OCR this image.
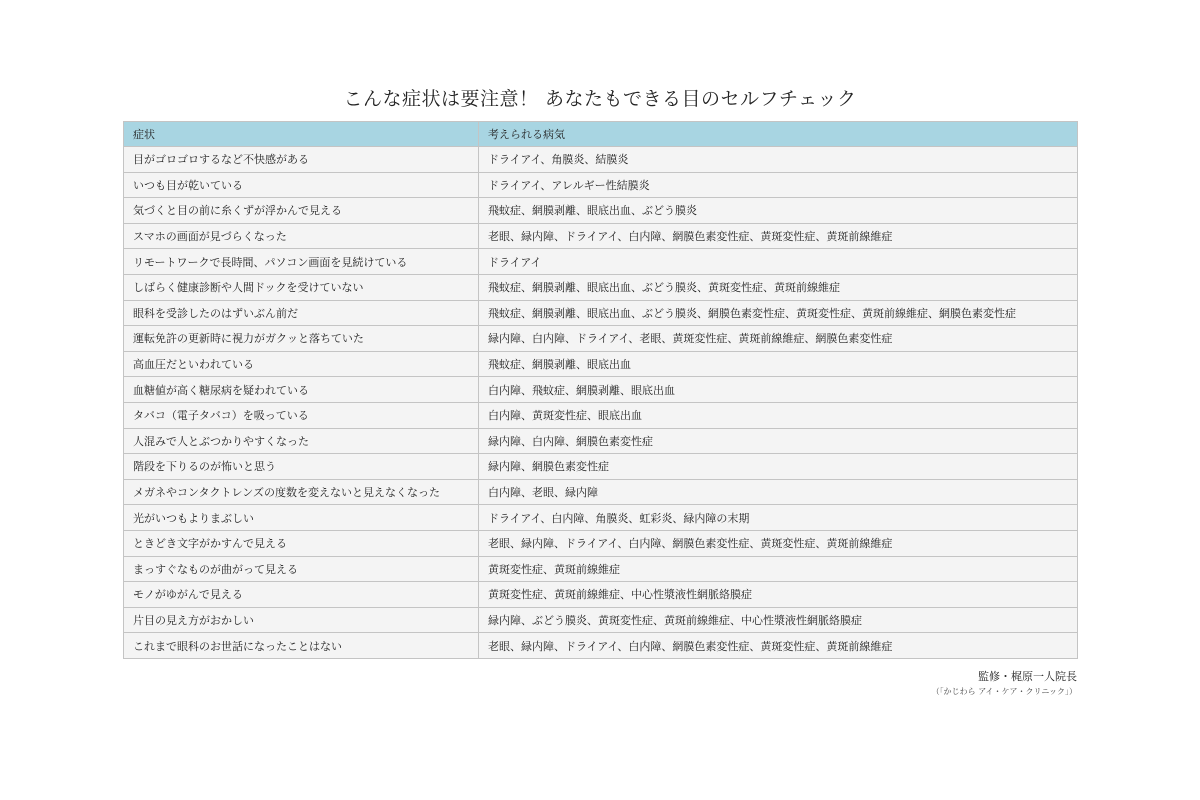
こんな症状は要注意！ あなたもできる目のセルフチェック
症状	考えられる病気
目がゴロゴロするなど不快感がある	ドライアイ、角膜炎、結膜炎
いつも目が乾いている	ドライアイ、アレルギー性結膜炎
気づくと目の前に糸くずが浮かんで見える	飛蚊症、網膜剥離、眼底出血、ぶどう膜炎
スマホの画面が見づらくなった	老眼、緑内障、ドライアイ、白内障、網膜色素変性症、黄斑変性症、黄斑前線維症
リモートワークで長時間、パソコン画面を見続けている	ドライアイ
しばらく健康診断や人間ドックを受けていない	飛蚊症、網膜剥離、眼底出血、ぶどう膜炎、黄斑変性症、黄斑前線維症
眼科を受診したのはずいぶん前だ	飛蚊症、網膜剥離、眼底出血、ぶどう膜炎、網膜色素変性症、黄斑変性症、黄斑前線維症、網膜色素変性症
運転免許の更新時に視力がガクッと落ちていた	緑内障、白内障、ドライアイ、老眼、黄斑変性症、黄斑前線維症、網膜色素変性症
高血圧だといわれている	飛蚊症、網膜剥離、眼底出血
血糖値が高く糖尿病を疑われている	白内障、飛蚊症、網膜剥離、眼底出血
タバコ（電子タバコ）を吸っている	白内障、黄斑変性症、眼底出血
人混みで人とぶつかりやすくなった	緑内障、白内障、網膜色素変性症
階段を下りるのが怖いと思う	緑内障、網膜色素変性症
メガネやコンタクトレンズの度数を変えないと見えなくなった	白内障、老眼、緑内障
光がいつもよりまぶしい	ドライアイ、白内障、角膜炎、虹彩炎、緑内障の末期
ときどき文字がかすんで見える	老眼、緑内障、ドライアイ、白内障、網膜色素変性症、黄斑変性症、黄斑前線維症
まっすぐなものが曲がって見える	黄斑変性症、黄斑前線維症
モノがゆがんで見える	黄斑変性症、黄斑前線維症、中心性漿液性網脈絡膜症
片目の見え方がおかしい	緑内障、ぶどう膜炎、黄斑変性症、黄斑前線維症、中心性漿液性網脈絡膜症
これまで眼科のお世話になったことはない	老眼、緑内障、ドライアイ、白内障、網膜色素変性症、黄斑変性症、黄斑前線維症
監修・梶原一人院長
（「かじわら アイ・ケア・クリニック」）
